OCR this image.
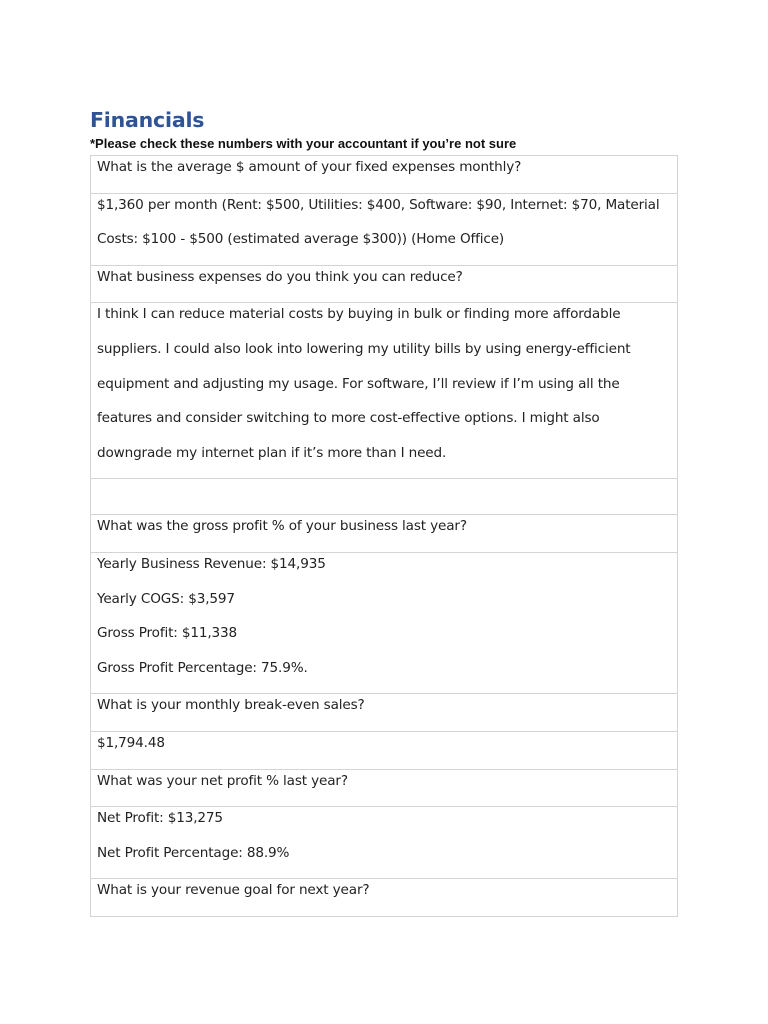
Financials
*Please check these numbers with your accountant if you’re not sure
What is the average $ amount of your fixed expenses monthly?
$1,360 per month (Rent: $500, Utilities: $400, Software: $90, Internet: $70, Material
Costs: $100 - $500 (estimated average $300)) (Home Office)
What business expenses do you think you can reduce?
I think I can reduce material costs by buying in bulk or finding more affordable
suppliers. I could also look into lowering my utility bills by using energy-efficient
equipment and adjusting my usage. For software, I’ll review if I’m using all the
features and consider switching to more cost-effective options. I might also
downgrade my internet plan if it’s more than I need.
What was the gross profit % of your business last year?
Yearly Business Revenue: $14,935
Yearly COGS: $3,597
Gross Profit: $11,338
Gross Profit Percentage: 75.9%.
What is your monthly break-even sales?
$1,794.48
What was your net profit % last year?
Net Profit: $13,275
Net Profit Percentage: 88.9%
What is your revenue goal for next year?
